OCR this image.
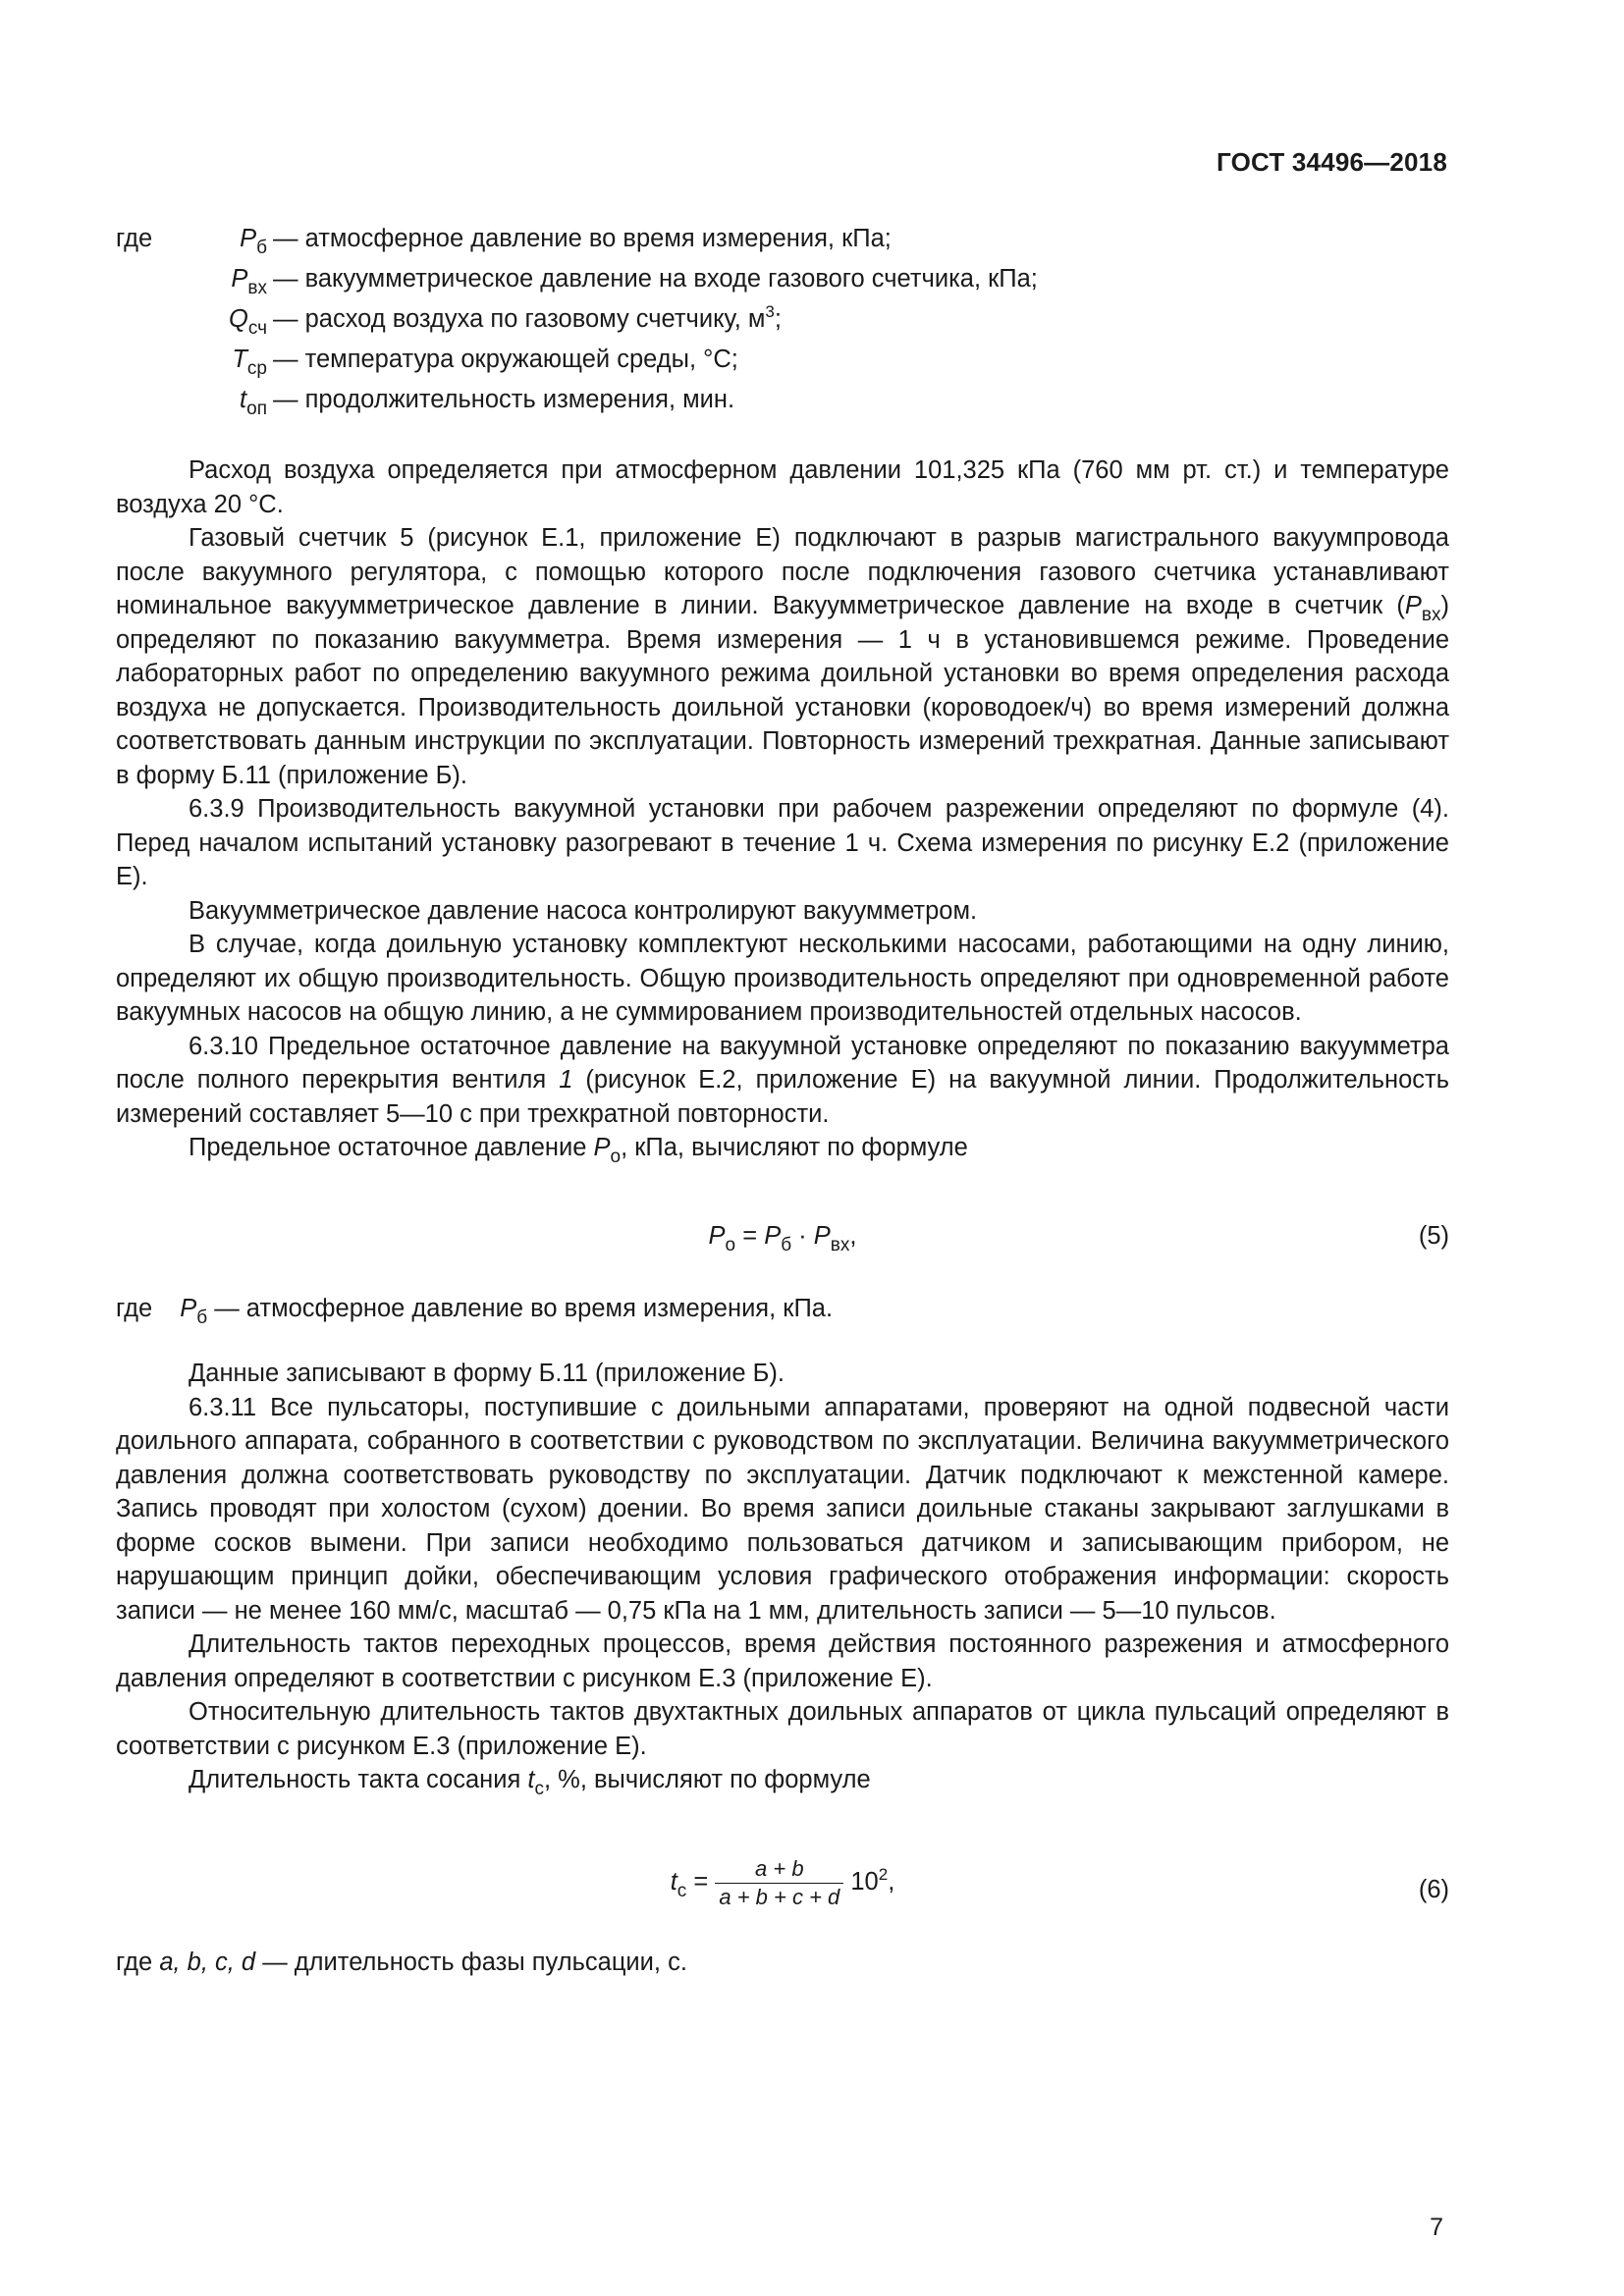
ГОСТ 34496—2018
где	$P_б$ — атмосферное давление во время измерения, кПа;
$P_{вх}$ — вакуумметрическое давление на входе газового счетчика, кПа;
$Q_{сч}$ — расход воздуха по газовому счетчику, $м^3$;
$T_{ср}$ — температура окружающей среды, °С;
$t_{оп}$ — продолжительность измерения, мин.

Расход воздуха определяется при атмосферном давлении 101,325 кПа (760 мм рт. ст.) и температуре воздуха 20 °С.

Газовый счетчик 5 (рисунок Е.1, приложение Е) подключают в разрыв магистрального вакуумпровода после вакуумного регулятора, с помощью которого после подключения газового счетчика устанавливают номинальное вакуумметрическое давление в линии. Вакуумметрическое давление на входе в счетчик $(P_{вх})$ определяют по показанию вакуумметра. Время измерения — 1 ч в установившемся режиме. Проведение лабораторных работ по определению вакуумного режима доильной установки во время определения расхода воздуха не допускается. Производительность доильной установки (короводоек/ч) во время измерений должна соответствовать данным инструкции по эксплуатации. Повторность измерений трехкратная. Данные записывают в форму Б.11 (приложение Б).

6.3.9 Производительность вакуумной установки при рабочем разрежении определяют по формуле (4). Перед началом испытаний установку разогревают в течение 1 ч. Схема измерения по рисунку Е.2 (приложение Е).

Вакуумметрическое давление насоса контролируют вакуумметром.

В случае, когда доильную установку комплектуют несколькими насосами, работающими на одну линию, определяют их общую производительность. Общую производительность определяют при одновременной работе вакуумных насосов на общую линию, а не суммированием производительностей отдельных насосов.

6.3.10 Предельное остаточное давление на вакуумной установке определяют по показанию вакуумметра после полного перекрытия вентиля 1 (рисунок Е.2, приложение Е) на вакуумной линии. Продолжительность измерений составляет 5—10 с при трехкратной повторности.

Предельное остаточное давление $P_о$, кПа, вычисляют по формуле

$P_о = P_б \cdot P_{вх}$,	(5)
где $P_б$ — атмосферное давление во время измерения, кПа.

Данные записывают в форму Б.11 (приложение Б).

6.3.11 Все пульсаторы, поступившие с доильными аппаратами, проверяют на одной подвесной части доильного аппарата, собранного в соответствии с руководством по эксплуатации. Величина вакуумметрического давления должна соответствовать руководству по эксплуатации. Датчик подключают к межстенной камере. Запись проводят при холостом (сухом) доении. Во время записи доильные стаканы закрывают заглушками в форме сосков вымени. При записи необходимо пользоваться датчиком и записывающим прибором, не нарушающим принцип дойки, обеспечивающим условия графического отображения информации: скорость записи — не менее 160 мм/с, масштаб — 0,75 кПа на 1 мм, длительность записи — 5—10 пульсов.

Длительность тактов переходных процессов, время действия постоянного разрежения и атмосферного давления определяют в соответствии с рисунком Е.3 (приложение Е).

Относительную длительность тактов двухтактных доильных аппаратов от цикла пульсаций определяют в соответствии с рисунком Е.3 (приложение Е).

Длительность такта сосания $t_с$, %, вычисляют по формуле

$t_с = \frac{a + b}{a + b + c + d} 10^2$,	(6)
где a, b, c, d — длительность фазы пульсации, с.
7
